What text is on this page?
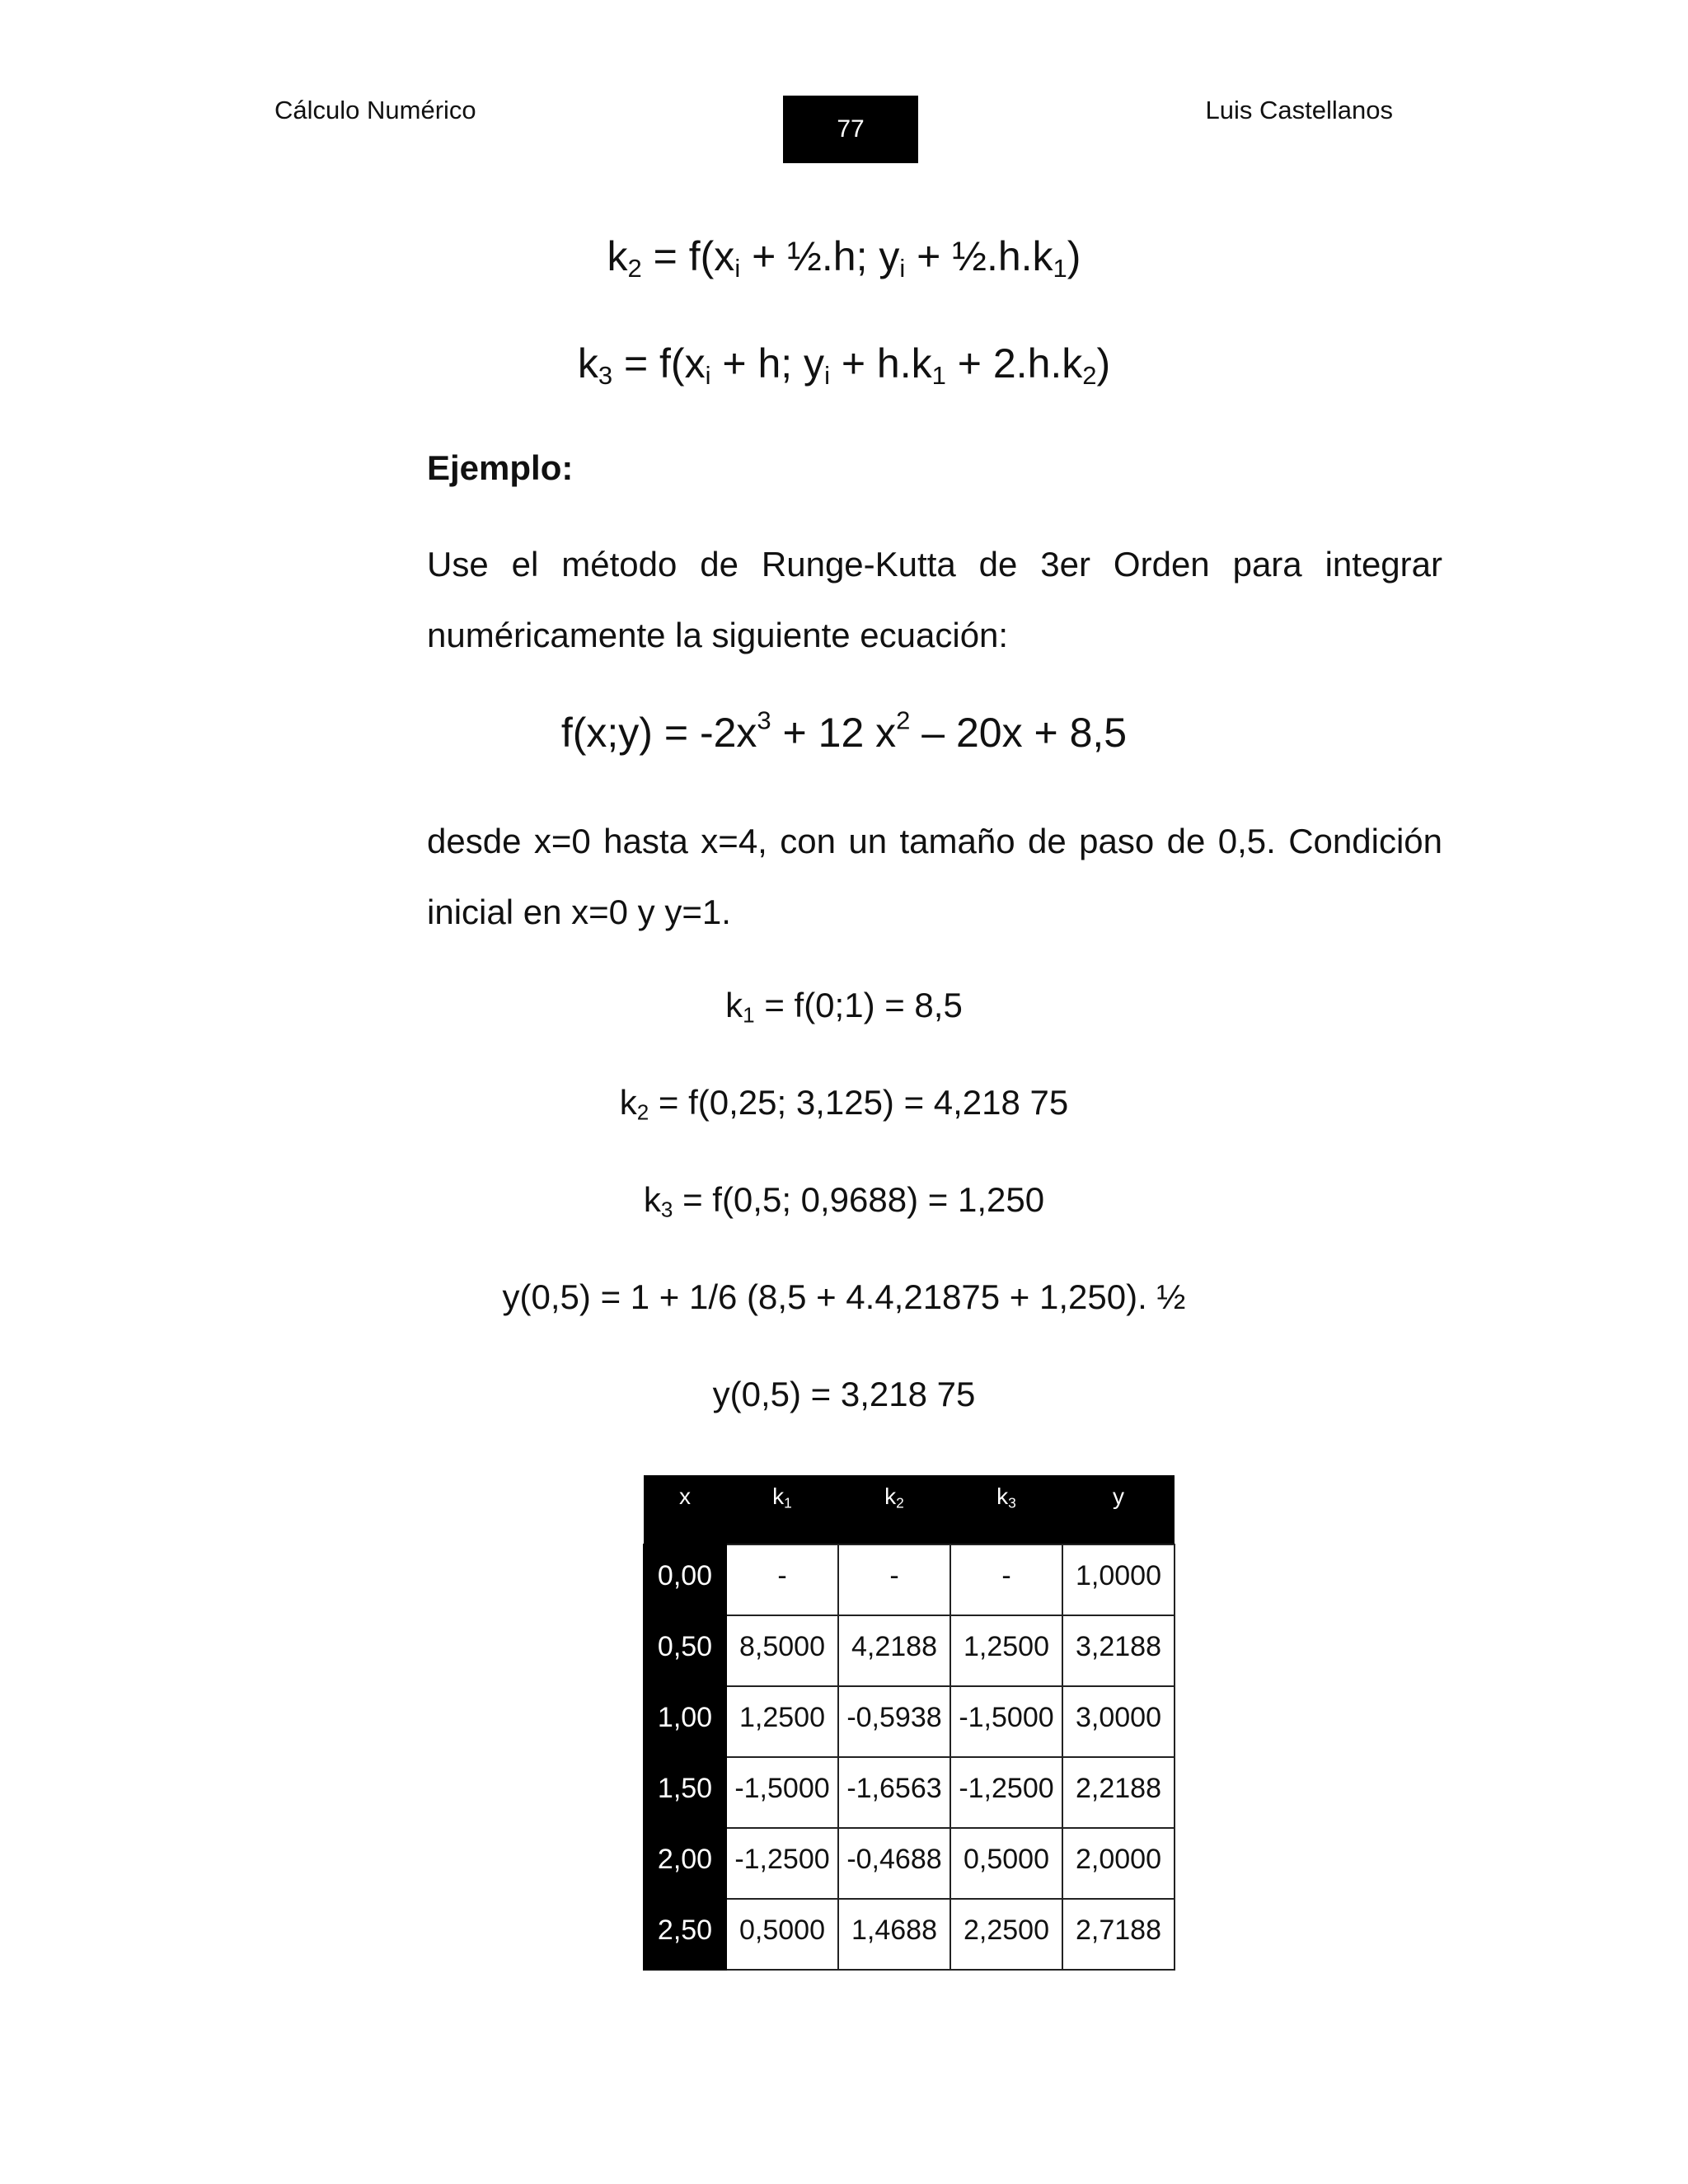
Cálculo Numérico
77
Luis Castellanos
$k_2 = f(x_i$ + ½.h; $y_i$ + $\frac{1}{2}.h.k_1$)
$k_3 = f(x_i + h$; $y_i + h.k_1 + 2.h.k_2$)
Ejemplo:
Use el método de Runge-Kutta de 3er Orden para integrar
numéricamente la siguiente ecuación:
f(x;y) = $-2x^3 + 12$ $x^2 - 20x + 8,5$
desde x=0 hasta x=4, con un tamaño de paso de 0,5. Condición
inicial en x=0 y y=1.
$k_1$ = f(0;1) = 8,5
$k_2 = f(0,25$; 3,125) = 4,218 75
$k_3 = f(0,5$; 0,9688) = 1,250
y(0,5) = 1 + 1/6 (8,5 + 4.4,21875 + 1,250). ½
y(0,5) = 3,218 75
x	$k_1$	$k_2$	$k_3$	y
0,00	-	-	-	1,0000
0,50	8,5000	4,2188	1,2500	3,2188
1,00	1,2500	-0,5938	-1,5000	3,0000
1,50	-1,5000	-1,6563	-1,2500	2,2188
2,00	-1,2500	-0,4688	0,5000	2,0000
2,50	0,5000	1,4688	2,2500	2,7188
